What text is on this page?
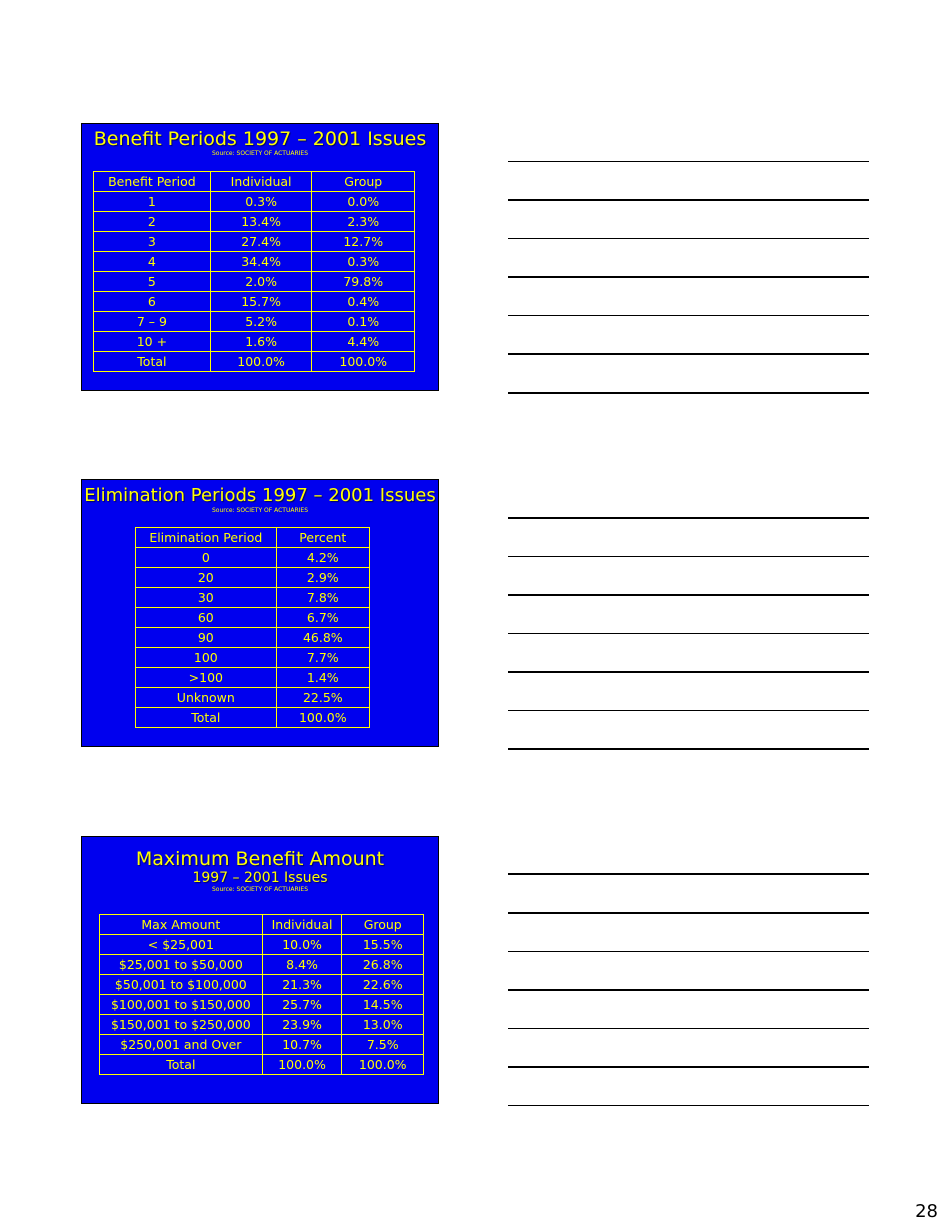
Benefit Periods 1997 – 2001 Issues

Source: SOCIETY OF ACTUARIES

Benefit Period	Individual	Group
1	0.3%	0.0%
2	13.4%	2.3%
3	27.4%	12.7%
4	34.4%	0.3%
5	2.0%	79.8%
6	15.7%	0.4%
7 – 9	5.2%	0.1%
10 +	1.6%	4.4%
Total	100.0%	100.0%

Elimination Periods 1997 – 2001 Issues

Source: SOCIETY OF ACTUARIES

Elimination Period	Percent
0	4.2%
20	2.9%
30	7.8%
60	6.7%
90	46.8%
100	7.7%
>100	1.4%
Unknown	22.5%
Total	100.0%

Maximum Benefit Amount

1997 – 2001 Issues

Source: SOCIETY OF ACTUARIES

Max Amount	Individual	Group
< $25,001	10.0%	15.5%
$25,001 to $50,000	8.4%	26.8%
$50,001 to $100,000	21.3%	22.6%
$100,001 to $150,000	25.7%	14.5%
$150,001 to $250,000	23.9%	13.0%
$250,001 and Over	10.7%	7.5%
Total	100.0%	100.0%
28
